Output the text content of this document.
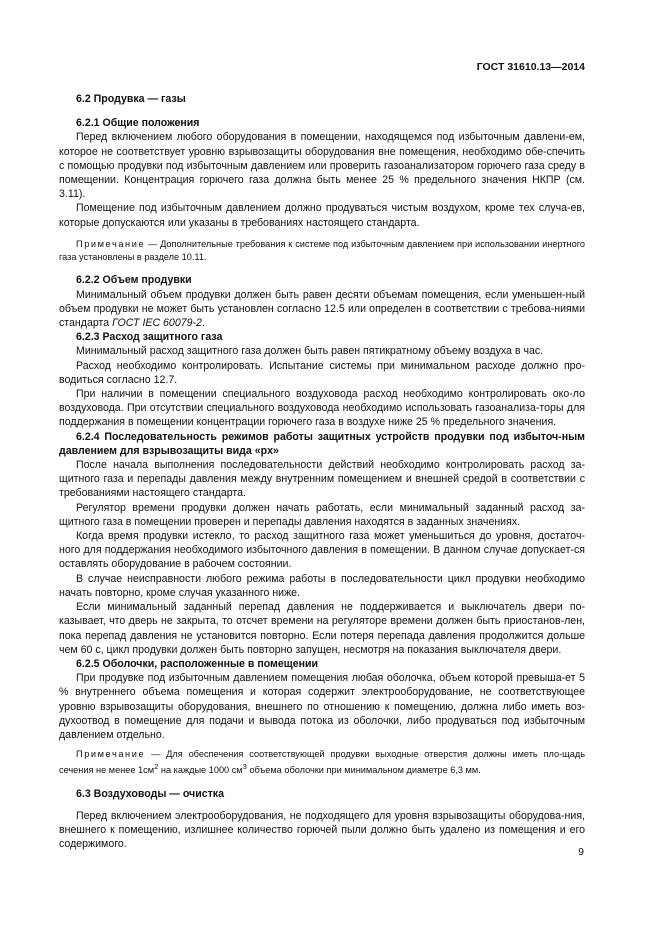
ГОСТ 31610.13—2014

6.2 Продувка — газы

6.2.1 Общие положения

Перед включением любого оборудования в помещении, находящемся под избыточным давлени-ем, которое не соответствует уровню взрывозащиты оборудования вне помещения, необходимо обе-спечить с помощью продувки под избыточным давлением или проверить газоанализатором горючего газа среду в помещении. Концентрация горючего газа должна быть менее 25 % предельного значения НКПР (см. 3.11).

Помещение под избыточным давлением должно продуваться чистым воздухом, кроме тех случа-ев, которые допускаются или указаны в требованиях настоящего стандарта.

Примечание — Дополнительные требования к системе под избыточным давлением при использовании инертного газа установлены в разделе 10.11.

6.2.2 Объем продувки

Минимальный объем продувки должен быть равен десяти объемам помещения, если уменьшен-ный объем продувки не может быть установлен согласно 12.5 или определен в соответствии с требова-ниями стандарта ГОСТ IEC 60079-2.

6.2.3 Расход защитного газа

Минимальный расход защитного газа должен быть равен пятикратному объему воздуха в час.

Расход необходимо контролировать. Испытание системы при минимальном расходе должно про-водиться согласно 12.7.

При наличии в помещении специального воздуховода расход необходимо контролировать око-ло воздуховода. При отсутствии специального воздуховода необходимо использовать газоанализа-торы для поддержания в помещении концентрации горючего газа в воздухе ниже 25 % предельного значения.

6.2.4 Последовательность режимов работы защитных устройств продувки под избыточ-ным давлением для взрывозащиты вида «px»

После начала выполнения последовательности действий необходимо контролировать расход за-щитного газа и перепады давления между внутренним помещением и внешней средой в соответствии с требованиями настоящего стандарта.

Регулятор времени продувки должен начать работать, если минимальный заданный расход за-щитного газа в помещении проверен и перепады давления находятся в заданных значениях.

Когда время продувки истекло, то расход защитного газа может уменьшиться до уровня, достаточ-ного для поддержания необходимого избыточного давления в помещении. В данном случае допускает-ся оставлять оборудование в рабочем состоянии.

В случае неисправности любого режима работы в последовательности цикл продувки необходимо начать повторно, кроме случая указанного ниже.

Если минимальный заданный перепад давления не поддерживается и выключатель двери по-казывает, что дверь не закрыта, то отсчет времени на регуляторе времени должен быть приостанов-лен, пока перепад давления не установится повторно. Если потеря перепада давления продолжится дольше чем 60 с, цикл продувки должен быть повторно запущен, несмотря на показания выключателя двери.

6.2.5 Оболочки, расположенные в помещении

При продувке под избыточным давлением помещения любая оболочка, объем которой превыша-ет 5 % внутреннего объема помещения и которая содержит электрооборудование, не соответствующее уровню взрывозащиты оборудования, внешнего по отношению к помещению, должна либо иметь воз-духоотвод в помещение для подачи и вывода потока из оболочки, либо продуваться под избыточным давлением отдельно.

Примечание — Для обеспечения соответствующей продувки выходные отверстия должны иметь пло-щадь сечения не менее $1см^2$ на каждые 1000 $см^3$ объема оболочки при минимальном диаметре 6,3 мм.

6.3 Воздуховоды — очистка

Перед включением электрооборудования, не подходящего для уровня взрывозащиты оборудова-ния, внешнего к помещению, излишнее количество горючей пыли должно быть удалено из помещения и его содержимого.

9
